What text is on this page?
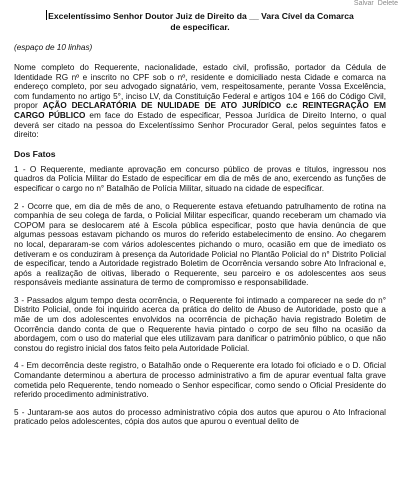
Salvar Delete
Excelentíssimo Senhor Doutor Juiz de Direito da __ Vara Cível da Comarca
de especificar.
(espaço de 10 linhas)

Nome completo do Requerente, nacionalidade, estado civil, profissão, portador da Cédula de Identidade RG nº e inscrito no CPF sob o nº, residente e domiciliado nesta Cidade e comarca na endereço completo, por seu advogado signatário, vem, respeitosamente, perante Vossa Excelência, com fundamento no artigo 5°, inciso LV, da Constituição Federal e artigos 104 e 166 do Código Civil, propor AÇÃO DECLARATÓRIA DE NULIDADE DE ATO JURÍDICO c.c REINTEGRAÇÃO EM CARGO PÚBLICO em face do Estado de especificar, Pessoa Jurídica de Direito Interno, o qual deverá ser citado na pessoa do Excelentíssimo Senhor Procurador Geral, pelos seguintes fatos e direito:

Dos Fatos

1 - O Requerente, mediante aprovação em concurso público de provas e títulos, ingressou nos quadros da Polícia Militar do Estado de especificar em dia de mês de ano, exercendo as funções de especificar o cargo no n° Batalhão de Polícia Militar, situado na cidade de especificar.

2 - Ocorre que, em dia de mês de ano, o Requerente estava efetuando patrulhamento de rotina na companhia de seu colega de farda, o Policial Militar especificar, quando receberam um chamado via COPOM para se deslocarem até à Escola pública especificar, posto que havia denúncia de que algumas pessoas estavam pichando os muros do referido estabelecimento de ensino. Ao chegarem no local, depararam-se com vários adolescentes pichando o muro, ocasião em que de imediato os detiveram e os conduziram à presença da Autoridade Policial no Plantão Policial do n° Distrito Policial de especificar, tendo a Autoridade registrado Boletim de Ocorrência versando sobre Ato Infracional e, após a realização de oitivas, liberado o Requerente, seu parceiro e os adolescentes aos seus responsáveis mediante assinatura de termo de compromisso e responsabilidade.

3 - Passados algum tempo desta ocorrência, o Requerente foi intimado a comparecer na sede do n° Distrito Policial, onde foi inquirido acerca da prática do delito de Abuso de Autoridade, posto que a mãe de um dos adolescentes envolvidos na ocorrência de pichação havia registrado Boletim de Ocorrência dando conta de que o Requerente havia pintado o corpo de seu filho na ocasião da abordagem, com o uso do material que eles utilizavam para danificar o patrimônio público, o que não constou do registro inicial dos fatos feito pela Autoridade Policial.

4 - Em decorrência deste registro, o Batalhão onde o Requerente era lotado foi oficiado e o D. Oficial Comandante determinou a abertura de processo administrativo a fim de apurar eventual falta grave cometida pelo Requerente, tendo nomeado o Senhor especificar, como sendo o Oficial Presidente do referido procedimento administrativo.

5 - Juntaram-se aos autos do processo administrativo cópia dos autos que apurou o Ato Infracional praticado pelos adolescentes, cópia dos autos que apurou o eventual delito de
